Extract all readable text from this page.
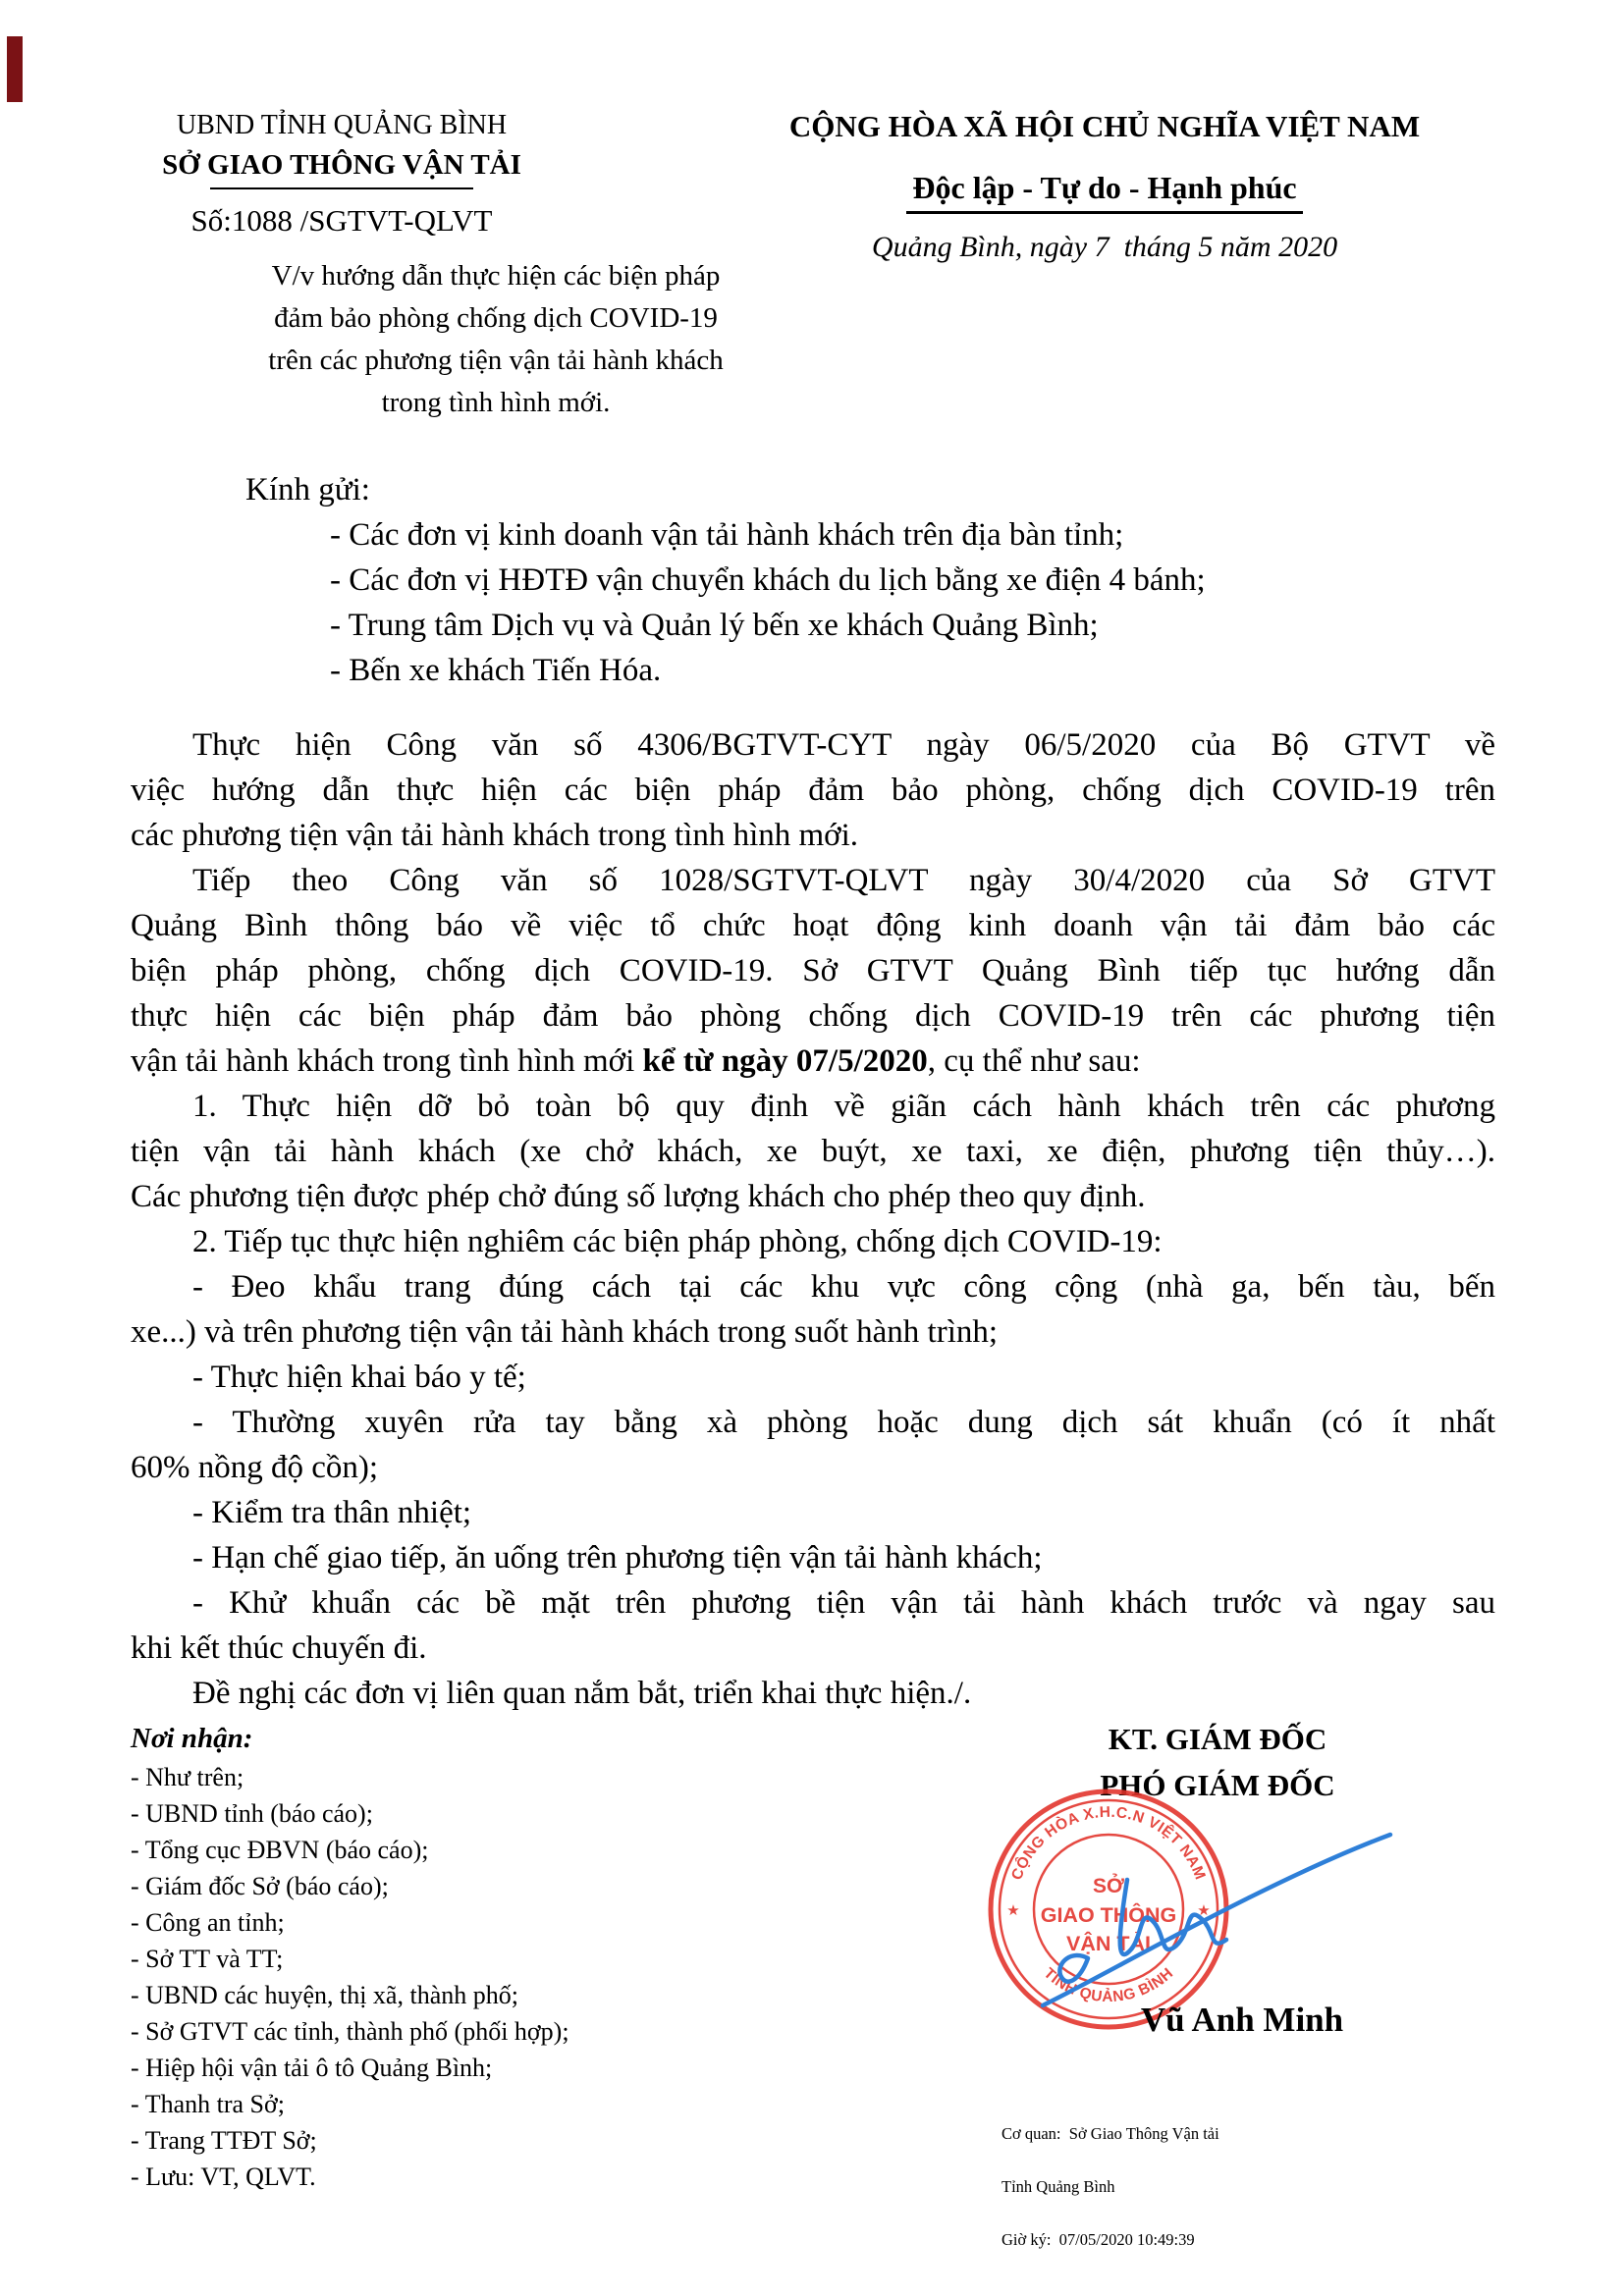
UBND TỈNH QUẢNG BÌNH
SỞ GIAO THÔNG VẬN TẢI
Số:1088 /SGTVT-QLVT
V/v hướng dẫn thực hiện các biện pháp
đảm bảo phòng chống dịch COVID-19
trên các phương tiện vận tải hành khách
trong tình hình mới.
CỘNG HÒA XÃ HỘI CHỦ NGHĨA VIỆT NAM

Độc lập - Tự do - Hạnh phúc
Quảng Bình, ngày 7  tháng 5 năm 2020
Kính gửi:
- Các đơn vị kinh doanh vận tải hành khách trên địa bàn tỉnh;
- Các đơn vị HĐTĐ vận chuyển khách du lịch bằng xe điện 4 bánh;
- Trung tâm Dịch vụ và Quản lý bến xe khách Quảng Bình;
- Bến xe khách Tiến Hóa.
Thực hiện Công văn số 4306/BGTVT-CYT ngày 06/5/2020 của Bộ GTVT về
việc hướng dẫn thực hiện các biện pháp đảm bảo phòng, chống dịch COVID-19 trên
các phương tiện vận tải hành khách trong tình hình mới.
Tiếp theo Công văn số 1028/SGTVT-QLVT ngày 30/4/2020 của Sở GTVT
Quảng Bình thông báo về việc tổ chức hoạt động kinh doanh vận tải đảm bảo các
biện pháp phòng, chống dịch COVID-19. Sở GTVT Quảng Bình tiếp tục hướng dẫn
thực hiện các biện pháp đảm bảo phòng chống dịch COVID-19 trên các phương tiện
vận tải hành khách trong tình hình mới kể từ ngày 07/5/2020, cụ thể như sau:
1. Thực hiện dỡ bỏ toàn bộ quy định về giãn cách hành khách trên các phương
tiện vận tải hành khách (xe chở khách, xe buýt, xe taxi, xe điện, phương tiện thủy…).
Các phương tiện được phép chở đúng số lượng khách cho phép theo quy định.
2. Tiếp tục thực hiện nghiêm các biện pháp phòng, chống dịch COVID-19:
- Đeo khẩu trang đúng cách tại các khu vực công cộng (nhà ga, bến tàu, bến
xe...) và trên phương tiện vận tải hành khách trong suốt hành trình;
- Thực hiện khai báo y tế;
- Thường xuyên rửa tay bằng xà phòng hoặc dung dịch sát khuẩn (có ít nhất
60% nồng độ cồn);
- Kiểm tra thân nhiệt;
- Hạn chế giao tiếp, ăn uống trên phương tiện vận tải hành khách;
- Khử khuẩn các bề mặt trên phương tiện vận tải hành khách trước và ngay sau
khi kết thúc chuyến đi.
Đề nghị các đơn vị liên quan nắm bắt, triển khai thực hiện./.
Nơi nhận:
- Như trên;
- UBND tỉnh (báo cáo);
- Tổng cục ĐBVN (báo cáo);
- Giám đốc Sở (báo cáo);
- Công an tỉnh;
- Sở TT và TT;
- UBND các huyện, thị xã, thành phố;
- Sở GTVT các tỉnh, thành phố (phối hợp);
- Hiệp hội vận tải ô tô Quảng Bình;
- Thanh tra Sở;
- Trang TTĐT Sở;
- Lưu: VT, QLVT.
KT. GIÁM ĐỐC
PHÓ GIÁM ĐỐC
CỘNG HÒA X.H.C.N VIỆT NAM
TỈNH QUẢNG BÌNH
★	★
SỞ
GIAO THÔNG
VẬN TẢI
Vũ Anh Minh

Cơ quan:  Sở Giao Thông Vận tải

Tỉnh Quảng Bình

Giờ ký:  07/05/2020 10:49:39
